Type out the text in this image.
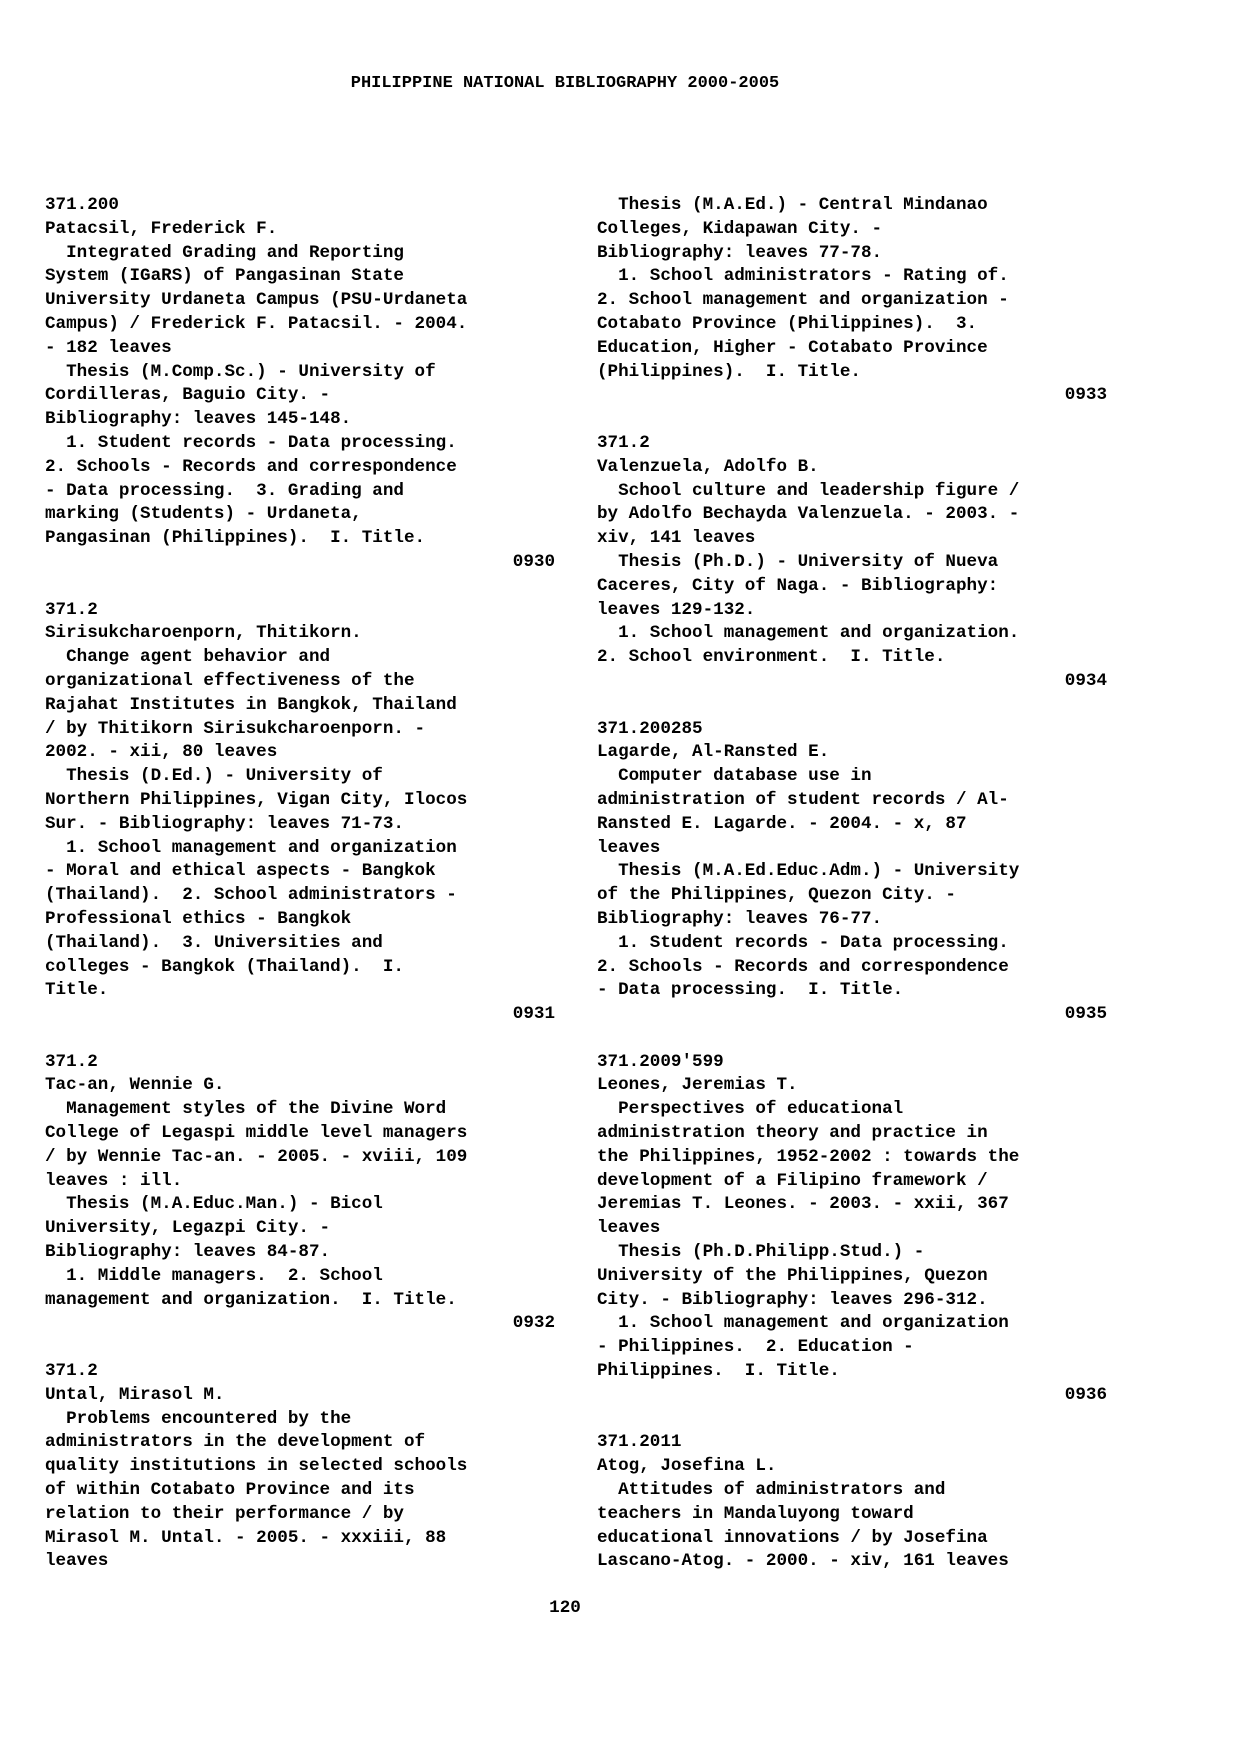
PHILIPPINE NATIONAL BIBLIOGRAPHY 2000-2005
371.200
Patacsil, Frederick F.
Integrated Grading and Reporting
System (IGaRS) of Pangasinan State
University Urdaneta Campus (PSU-Urdaneta
Campus) / Frederick F. Patacsil. - 2004.
- 182 leaves
Thesis (M.Comp.Sc.) - University of
Cordilleras, Baguio City. -
Bibliography: leaves 145-148.
1. Student records - Data processing.
2. Schools - Records and correspondence
- Data processing.  3. Grading and
marking (Students) - Urdaneta,
Pangasinan (Philippines).  I. Title.
0930
371.2
Sirisukcharoenporn, Thitikorn.
Change agent behavior and
organizational effectiveness of the
Rajahat Institutes in Bangkok, Thailand
/ by Thitikorn Sirisukcharoenporn. -
2002. - xii, 80 leaves
Thesis (D.Ed.) - University of
Northern Philippines, Vigan City, Ilocos
Sur. - Bibliography: leaves 71-73.
1. School management and organization
- Moral and ethical aspects - Bangkok
(Thailand).  2. School administrators -
Professional ethics - Bangkok
(Thailand).  3. Universities and
colleges - Bangkok (Thailand).  I.
Title.
0931
371.2
Tac-an, Wennie G.
Management styles of the Divine Word
College of Legaspi middle level managers
/ by Wennie Tac-an. - 2005. - xviii, 109
leaves : ill.
Thesis (M.A.Educ.Man.) - Bicol
University, Legazpi City. -
Bibliography: leaves 84-87.
1. Middle managers.  2. School
management and organization.  I. Title.
0932
371.2
Untal, Mirasol M.
Problems encountered by the
administrators in the development of
quality institutions in selected schools
of within Cotabato Province and its
relation to their performance / by
Mirasol M. Untal. - 2005. - xxxiii, 88
leaves
Thesis (M.A.Ed.) - Central Mindanao
Colleges, Kidapawan City. -
Bibliography: leaves 77-78.
1. School administrators - Rating of.
2. School management and organization -
Cotabato Province (Philippines).  3.
Education, Higher - Cotabato Province
(Philippines).  I. Title.
0933
371.2
Valenzuela, Adolfo B.
School culture and leadership figure /
by Adolfo Bechayda Valenzuela. - 2003. -
xiv, 141 leaves
Thesis (Ph.D.) - University of Nueva
Caceres, City of Naga. - Bibliography:
leaves 129-132.
1. School management and organization.
2. School environment.  I. Title.
0934
371.200285
Lagarde, Al-Ransted E.
Computer database use in
administration of student records / Al-
Ransted E. Lagarde. - 2004. - x, 87
leaves
Thesis (M.A.Ed.Educ.Adm.) - University
of the Philippines, Quezon City. -
Bibliography: leaves 76-77.
1. Student records - Data processing.
2. Schools - Records and correspondence
- Data processing.  I. Title.
0935
371.2009'599
Leones, Jeremias T.
Perspectives of educational
administration theory and practice in
the Philippines, 1952-2002 : towards the
development of a Filipino framework /
Jeremias T. Leones. - 2003. - xxii, 367
leaves
Thesis (Ph.D.Philipp.Stud.) -
University of the Philippines, Quezon
City. - Bibliography: leaves 296-312.
1. School management and organization
- Philippines.  2. Education -
Philippines.  I. Title.
0936
371.2011
Atog, Josefina L.
Attitudes of administrators and
teachers in Mandaluyong toward
educational innovations / by Josefina
Lascano-Atog. - 2000. - xiv, 161 leaves
120
